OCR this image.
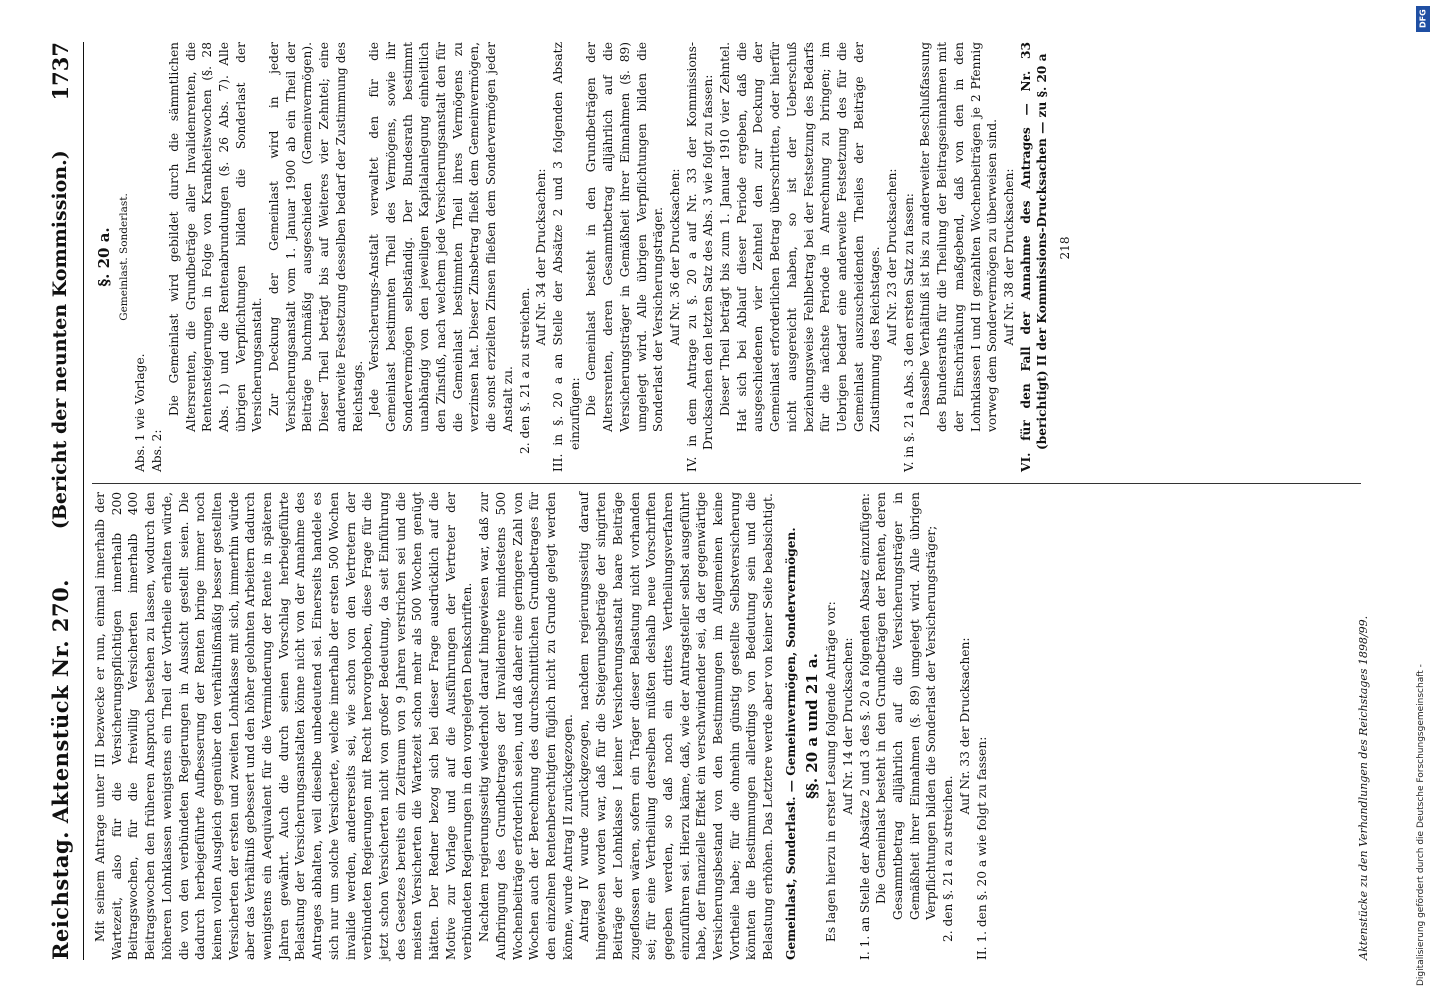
Reichstag. Aktenstück Nr. 270.
(Bericht der neunten Kommission.)
1737

Mit seinem Antrage unter III bezwecke er nun, einmal innerhalb der Wartezeit, also für die Versicherungspflichtigen innerhalb 200 Beitragswochen, für die freiwillig Versicherten innerhalb 400 Beitragswochen den früheren Anspruch bestehen zu lassen, wodurch den höheren Lohnklassen wenigstens ein Theil der Vortheile erhalten würde, die von den verbündeten Regierungen in Aussicht gestellt seien. Die dadurch herbeigeführte Aufbesserung der Renten bringe immer noch keinen vollen Ausgleich gegenüber den verhältnißmäßig besser gestellten Versicherten der ersten und zweiten Lohnklasse mit sich, immerhin würde aber das Verhältniß gebessert und den höher gelohnten Arbeitern dadurch wenigstens ein Aequivalent für die Verminderung der Rente in späteren Jahren gewährt. Auch die durch seinen Vorschlag herbeigeführte Belastung der Versicherungsanstalten könne nicht von der Annahme des Antrages abhalten, weil dieselbe unbedeutend sei. Einerseits handele es sich nur um solche Versicherte, welche innerhalb der ersten 500 Wochen invalide werden, andererseits sei, wie schon von den Vertretern der verbündeten Regierungen mit Recht hervorgehoben, diese Frage für die jetzt schon Versicherten nicht von großer Bedeutung, da seit Einführung des Gesetzes bereits ein Zeitraum von 9 Jahren verstrichen sei und die meisten Versicherten die Wartezeit schon mehr als 500 Wochen genügt hätten. Der Redner bezog sich bei dieser Frage ausdrücklich auf die Motive zur Vorlage und auf die Ausführungen der Vertreter der verbündeten Regierungen in den vorgelegten Denkschriften. Nachdem regierungsseitig wiederholt darauf hingewiesen war, daß zur Aufbringung des Grundbetrages der Invalidenrente mindestens 500 Wochenbeiträge erforderlich seien, und daß daher eine geringere Zahl von Wochen auch der Berechnung des durchschnittlichen Grundbetrages für den einzelnen Rentenberechtigten füglich nicht zu Grunde gelegt werden könne, wurde Antrag II zurückgezogen. Antrag IV wurde zurückgezogen, nachdem regierungsseitig darauf hingewiesen worden war, daß für die Steigerungsbeträge der singirten Beiträge der Lohnklasse I keiner Versicherungsanstalt baare Beiträge zugeflossen wären, sofern ein Träger dieser Belastung nicht vorhanden sei; für eine Vertheilung derselben müßten deshalb neue Vorschriften gegeben werden, so daß noch ein drittes Vertheilungsverfahren einzuführen sei. Hierzu käme, daß, wie der Antragsteller selbst ausgeführt habe, der finanzielle Effekt ein verschwindender sei, da der gegenwärtige Versicherungsbestand von den Bestimmungen im Allgemeinen keine Vortheile habe; für die ohnehin günstig gestellte Selbstversicherung könnten die Bestimmungen allerdings von Bedeutung sein und die Belastung erhöhen. Das Letztere werde aber von keiner Seite beabsichtigt. Gemeinlast, Sonderlast. — Gemeinvermögen, Sondervermögen. §§. 20 a und 21 a. Es lagen hierzu in erster Lesung folgende Anträge vor: Auf Nr. 14 der Drucksachen: I. 1. an Stelle der Absätze 2 und 3 des §. 20 a folgenden Absatz einzufügen: Die Gemeinlast besteht in den Grundbeträgen der Renten, deren Gesammtbetrag alljährlich auf die Versicherungsträger in Gemäßheit ihrer Einnahmen (§. 89) umgelegt wird. Alle übrigen Verpflichtungen bilden die Sonderlast der Versicherungsträger; 2. den §. 21 a zu streichen.

Auf Nr. 33 der Drucksachen:

II. 1. den §. 20 a wie folgt zu fassen:	Aktenstücke zu den Verhandlungen des Reichstages 1898/99.

§. 20 a. Gemeinlast. Sonderlast.

Abs. 1 wie Vorlage. Abs. 2:

Die Gemeinlast wird gebildet durch die sämmtlichen Altersrenten, die Grundbeträge aller Invalidenrenten, die Rentensteigerungen in Folge von Krankheitswochen (§. 28 Abs. 1) und die Rentenabrundungen (§. 26 Abs. 7). Alle übrigen Verpflichtungen bilden die Sonderlast der Versicherungsanstalt. Zur Deckung der Gemeinlast wird in jeder Versicherungsanstalt vom 1. Januar 1900 ab ein Theil der Beiträge buchmäßig ausgeschieden (Gemeinvermögen). Dieser Theil beträgt bis auf Weiteres vier Zehntel; eine anderweite Festsetzung desselben bedarf der Zustimmung des Reichstags. Jede Versicherungs-Anstalt verwaltet den für die Gemeinlast bestimmten Theil des Vermögens, sowie ihr Sondervermögen selbständig. Der Bundesrath bestimmt unabhängig von den jeweiligen Kapitalanlegung einheitlich den Zinsfuß, nach welchem jede Versicherungsanstalt den für die Gemeinlast bestimmten Theil ihres Vermögens zu verzinsen hat. Dieser Zinsbetrag fließt dem Gemeinvermögen, die sonst erzielten Zinsen fließen dem Sondervermögen jeder Anstalt zu. 2. den §. 21 a zu streichen.

Auf Nr. 34 der Drucksachen: III. in §. 20 a an Stelle der Absätze 2 und 3 folgenden Absatz einzufügen: Die Gemeinlast besteht in den Grundbeträgen der Altersrenten, deren Gesammtbetrag alljährlich auf die Versicherungsträger in Gemäßheit ihrer Einnahmen (§. 89) umgelegt wird. Alle übrigen Verpflichtungen bilden die Sonderlast der Versicherungsträger. Auf Nr. 36 der Drucksachen: IV. in dem Antrage zu §. 20 a auf Nr. 33 der Kommissions-Drucksachen den letzten Satz des Abs. 3 wie folgt zu fassen: Dieser Theil beträgt bis zum 1. Januar 1910 vier Zehntel. Hat sich bei Ablauf dieser Periode ergeben, daß die ausgeschiedenen vier Zehntel den zur Deckung der Gemeinlast erforderlichen Betrag überschritten, oder hierfür nicht ausgereicht haben, so ist der Ueberschuß beziehungsweise Fehlbetrag bei der Festsetzung des Bedarfs für die nächste Periode in Anrechnung zu bringen; im Uebrigen bedarf eine anderweite Festsetzung des für die Gemeinlast auszuscheidenden Theiles der Beiträge der Zustimmung des Reichstages. Auf Nr. 23 der Drucksachen: V. in §. 21 a Abs. 3 den ersten Satz zu fassen: Dasselbe Verhältniß ist bis zu anderweiter Beschlußfassung des Bundesraths für die Theilung der Beitragseinnahmen mit der Einschränkung maßgebend, daß von den in den Lohnklassen I und II gezahlten Wochenbeiträgen je 2 Pfennig vorweg dem Sondervermögen zu überweisen sind. Auf Nr. 38 der Drucksachen: VI. für den Fall der Annahme des Antrages — Nr. 33 (berichtigt) II der Kommissions-Drucksachen — zu §. 20 a 218

DFG
Digitalisierung gefördert durch die Deutsche Forschungsgemeinschaft -
